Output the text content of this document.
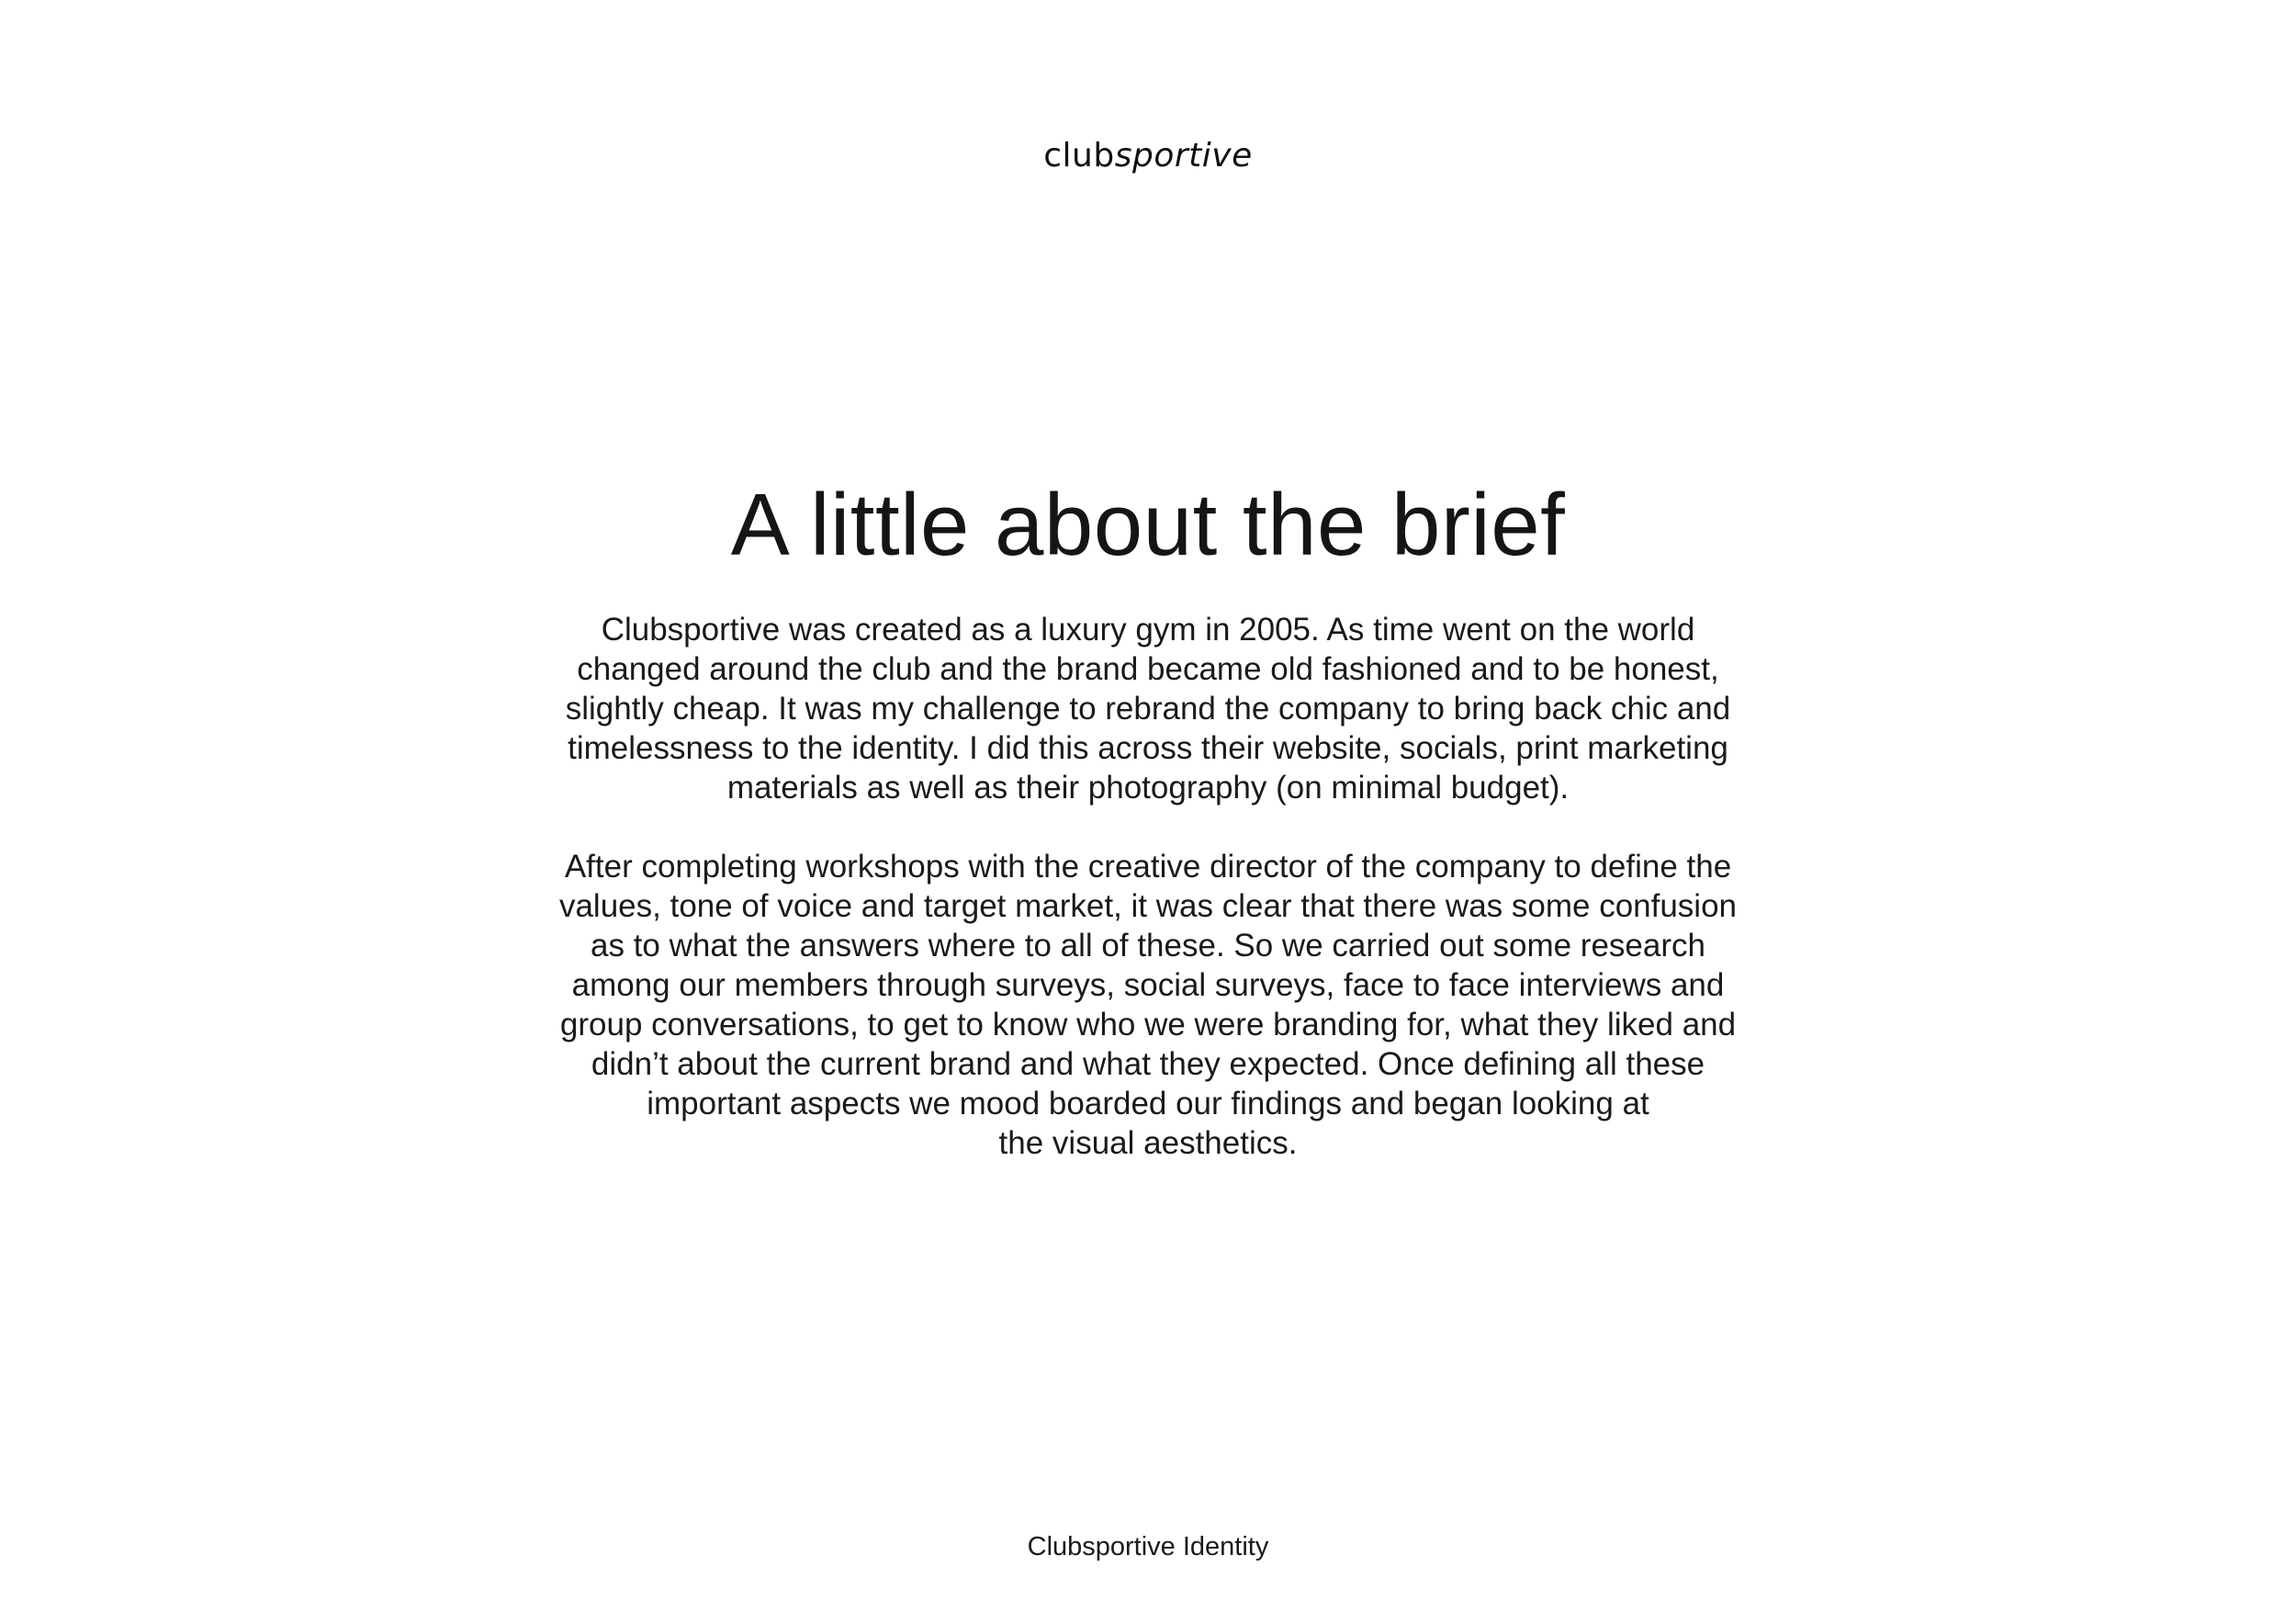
clubsportive
A little about the brief

Clubsportive was created as a luxury gym in 2005. As time went on the world
changed around the club and the brand became old fashioned and to be honest,
slightly cheap. It was my challenge to rebrand the company to bring back chic and
timelessness to the identity. I did this across their website, socials, print marketing
materials as well as their photography (on minimal budget).

After completing workshops with the creative director of the company to define the
values, tone of voice and target market, it was clear that there was some confusion
as to what the answers where to all of these. So we carried out some research
among our members through surveys, social surveys, face to face interviews and
group conversations, to get to know who we were branding for, what they liked and
didn’t about the current brand and what they expected. Once defining all these
important aspects we mood boarded our findings and began looking at
the visual aesthetics.

Clubsportive Identity
